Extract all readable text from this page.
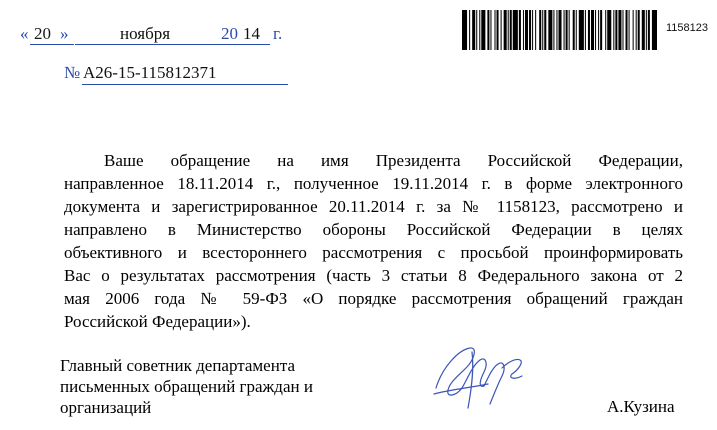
« 20 »	ноября	20 14 г.
№ А26-15-115812371
1158123
Ваше обращение на имя Президента Российской Федерации,
направленное 18.11.2014 г., полученное 19.11.2014 г. в форме электронного
документа и зарегистрированное 20.11.2014 г. за № 1158123, рассмотрено и
направлено в Министерство обороны Российской Федерации в целях
объективного и всестороннего рассмотрения с просьбой проинформировать
Вас о результатах рассмотрения (часть 3 статьи 8 Федерального закона от 2
мая 2006 года № 59-ФЗ «О порядке рассмотрения обращений граждан
Российской Федерации»).
Главный советник департамента
письменных обращений граждан и
организаций	А.Кузина
